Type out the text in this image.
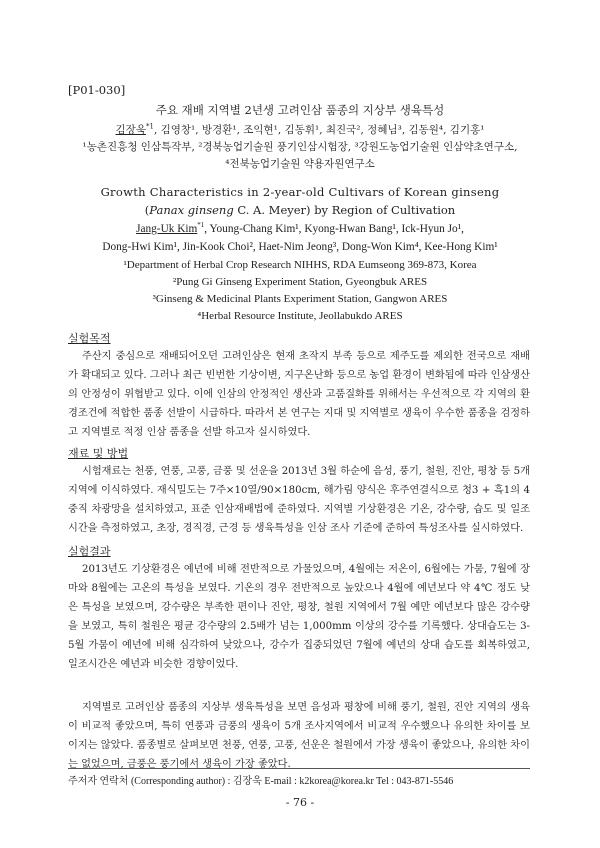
[P01-030]
주요 재배 지역별 2년생 고려인삼 품종의 지상부 생육특성
김장욱$^{*1}$, 김영창¹, 방경환¹, 조익현¹, 김동휘¹, 최진국², 정혜님³, 김동원⁴, 김기홍¹
¹농촌진흥청 인삼특작부, ²경북농업기술원 풍기인삼시험장, ³강원도농업기술원 인삼약초연구소,
⁴전북농업기술원 약용자원연구소
Growth Characteristics in 2-year-old Cultivars of Korean ginseng
(Panax ginseng C. A. Meyer) by Region of Cultivation
Jang-Uk Kim$^{*1}$, Young-Chang Kim¹, Kyong-Hwan Bang¹, Ick-Hyun Jo¹,
Dong-Hwi Kim¹, Jin-Kook Choi², Haet-Nim Jeong³, Dong-Won Kim⁴, Kee-Hong Kim¹
¹Department of Herbal Crop Research NIHHS, RDA Eumseong 369-873, Korea
²Pung Gi Ginseng Experiment Station, Gyeongbuk ARES
³Ginseng & Medicinal Plants Experiment Station, Gangwon ARES
⁴Herbal Resource Institute, Jeollabukdo ARES
실험목적
주산지 중심으로 재배되어오던 고려인삼은 현재 초작지 부족 등으로 제주도를 제외한 전국으로 재배가 확대되고 있다. 그러나 최근 빈번한 기상이변, 지구온난화 등으로 농업 환경이 변화됨에 따라 인삼생산의 안정성이 위협받고 있다. 이에 인삼의 안정적인 생산과 고품질화를 위해서는 우선적으로 각 지역의 환경조건에 적합한 품종 선발이 시급하다. 따라서 본 연구는 지대 및 지역별로 생육이 우수한 품종을 검정하고 지역별로 적정 인삼 품종을 선발 하고자 실시하였다.
재료 및 방법
시험재료는 천풍, 연풍, 고풍, 금풍 및 선운을 2013년 3월 하순에 음성, 풍기, 철원, 진안, 평창 등 5개 지역에 이식하였다. 재식밀도는 7주×10열/90×180cm, 해가림 양식은 후주연결식으로 청3 + 흑1의 4중직 차광망을 설치하였고, 표준 인삼재배법에 준하였다. 지역별 기상환경은 기온, 강수량, 습도 및 일조시간을 측정하였고, 초장, 경직경, 근경 등 생육특성을 인삼 조사 기준에 준하여 특성조사를 실시하였다.
실험결과
2013년도 기상환경은 예년에 비해 전반적으로 가물었으며, 4월에는 저온이, 6월에는 가뭄, 7월에 장마와 8월에는 고온의 특성을 보였다. 기온의 경우 전반적으로 높았으나 4월에 예년보다 약 4℃ 정도 낮은 특성을 보였으며, 강수량은 부족한 편이나 진안, 평창, 철원 지역에서 7월 예만 예년보다 많은 강수량을 보였고, 특히 철원은 평균 강수량의 2.5배가 넘는 1,000mm 이상의 강수를 기록했다. 상대습도는 3-5월 가뭄이 예년에 비해 심각하여 낮았으나, 강수가 집중되었던 7월에 예년의 상대 습도를 회복하였고, 일조시간은 예년과 비슷한 경향이었다.
지역별로 고려인삼 품종의 지상부 생육특성을 보면 음성과 평창에 비해 풍기, 철원, 진안 지역의 생육이 비교적 좋았으며, 특히 연풍과 금풍의 생육이 5개 조사지역에서 비교적 우수했으나 유의한 차이를 보이지는 않았다. 품종별로 살펴보면 천풍, 연풍, 고풍, 선운은 철원에서 가장 생육이 좋았으나, 유의한 차이는 없었으며, 금풍은 풍기에서 생육이 가장 좋았다.
주저자 연락처 (Corresponding author) : 김장욱 E-mail : k2korea@korea.kr Tel : 043-871-5546
- 76 -
